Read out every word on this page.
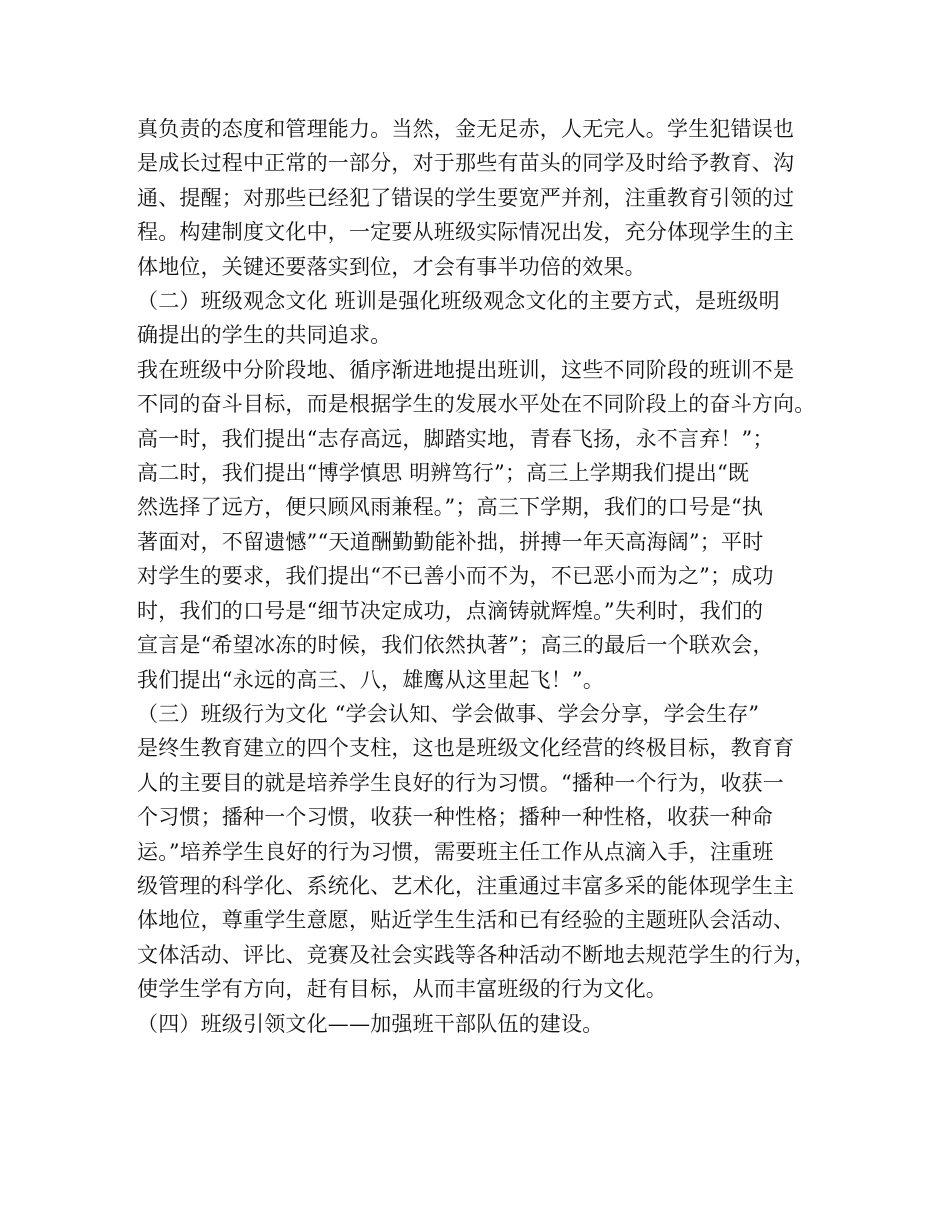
真负责的态度和管理能力。当然，金无足赤，人无完人。学生犯错误也
是成长过程中正常的一部分，对于那些有苗头的同学及时给予教育、沟
通、提醒；对那些已经犯了错误的学生要宽严并剂，注重教育引领的过
程。构建制度文化中，一定要从班级实际情况出发，充分体现学生的主
体地位，关键还要落实到位，才会有事半功倍的效果。
（二）班级观念文化 班训是强化班级观念文化的主要方式，是班级明
确提出的学生的共同追求。
我在班级中分阶段地、循序渐进地提出班训，这些不同阶段的班训不是
不同的奋斗目标，而是根据学生的发展水平处在不同阶段上的奋斗方向。
高一时，我们提出“志存高远，脚踏实地，青春飞扬，永不言弃！”；
高二时，我们提出“博学慎思 明辨笃行”；高三上学期我们提出“既
然选择了远方，便只顾风雨兼程。”；高三下学期，我们的口号是“执
著面对，不留遗憾”“天道酬勤勤能补拙，拼搏一年天高海阔”；平时
对学生的要求，我们提出“不已善小而不为，不已恶小而为之”；成功
时，我们的口号是“细节决定成功，点滴铸就辉煌。”失利时，我们的
宣言是“希望冰冻的时候，我们依然执著”；高三的最后一个联欢会，
我们提出“永远的高三、八，雄鹰从这里起飞！”。
（三）班级行为文化 “学会认知、学会做事、学会分享，学会生存”
是终生教育建立的四个支柱，这也是班级文化经营的终极目标，教育育
人的主要目的就是培养学生良好的行为习惯。“播种一个行为，收获一
个习惯；播种一个习惯，收获一种性格；播种一种性格，收获一种命
运。”培养学生良好的行为习惯，需要班主任工作从点滴入手，注重班
级管理的科学化、系统化、艺术化，注重通过丰富多采的能体现学生主
体地位，尊重学生意愿，贴近学生生活和已有经验的主题班队会活动、
文体活动、评比、竞赛及社会实践等各种活动不断地去规范学生的行为，
使学生学有方向，赶有目标，从而丰富班级的行为文化。
（四）班级引领文化——加强班干部队伍的建设。
